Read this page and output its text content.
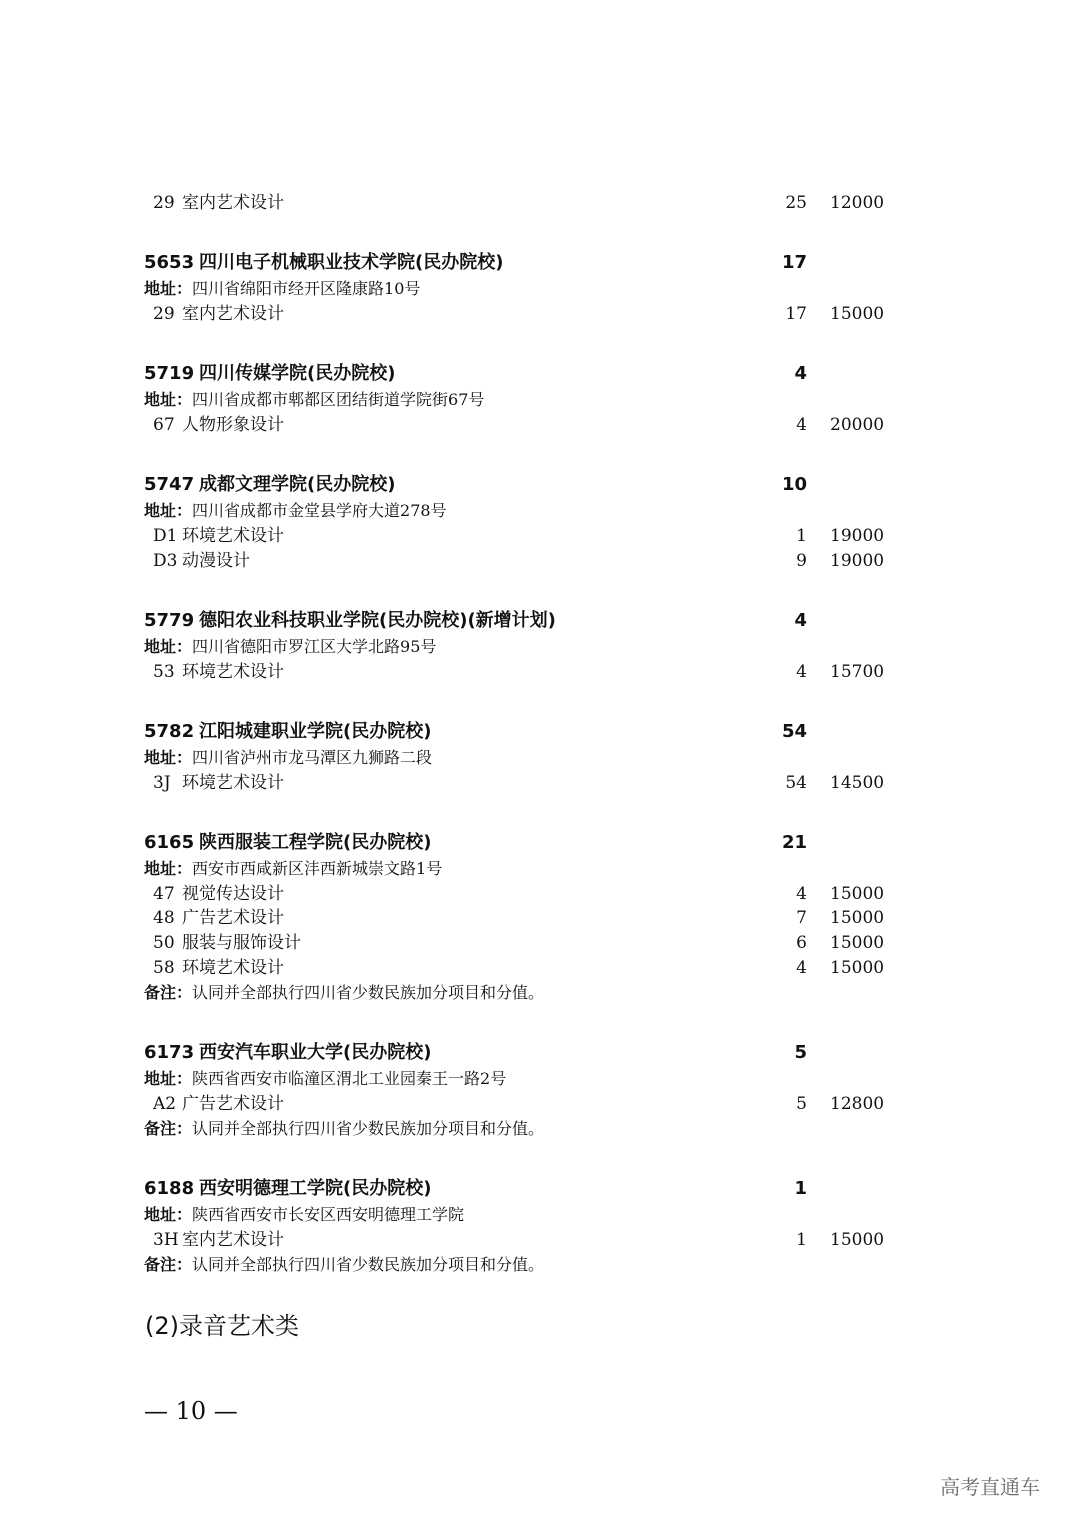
29 室内艺术设计	25 12000
5653 四川电子机械职业技术学院(民办院校)	17
地址：四川省绵阳市经开区隆康路10号
29 室内艺术设计	17 15000
5719 四川传媒学院(民办院校)	4
地址：四川省成都市郫都区团结街道学院街67号
67 人物形象设计	4 20000
5747 成都文理学院(民办院校)	10
地址：四川省成都市金堂县学府大道278号
D1 环境艺术设计	1 19000
D3 动漫设计	9 19000
5779 德阳农业科技职业学院(民办院校)(新增计划)	4
地址：四川省德阳市罗江区大学北路95号
53 环境艺术设计	4 15700
5782 江阳城建职业学院(民办院校)	54
地址：四川省泸州市龙马潭区九狮路二段
3J 环境艺术设计	54 14500
6165 陕西服装工程学院(民办院校)	21
地址：西安市西咸新区沣西新城崇文路1号
47 视觉传达设计	4 15000
48 广告艺术设计	7 15000
50 服装与服饰设计	6 15000
58 环境艺术设计	4 15000
备注：认同并全部执行四川省少数民族加分项目和分值。
6173 西安汽车职业大学(民办院校)	5
地址：陕西省西安市临潼区渭北工业园秦王一路2号
A2 广告艺术设计	5 12800
备注：认同并全部执行四川省少数民族加分项目和分值。
6188 西安明德理工学院(民办院校)	1
地址：陕西省西安市长安区西安明德理工学院
3H 室内艺术设计	1 15000
备注：认同并全部执行四川省少数民族加分项目和分值。
(2)录音艺术类
— 10 —
高考直通车
